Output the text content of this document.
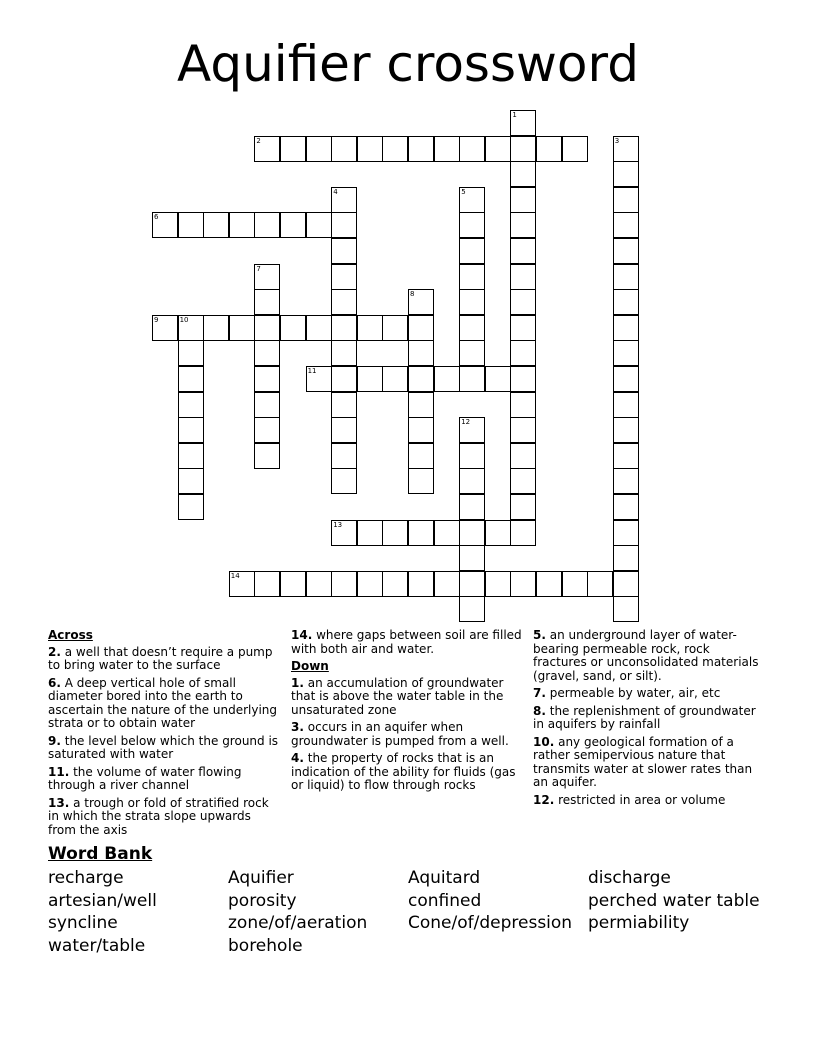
Aquifier crossword
1
2	3
4	5
6
7
8
9	10
11
12
13
14
Across
2. a well that doesn’t require a pump to bring water to the surface
6. A deep vertical hole of small diameter bored into the earth to ascertain the nature of the underlying strata or to obtain water
9. the level below which the ground is saturated with water
11. the volume of water flowing through a river channel
13. a trough or fold of stratified rock in which the strata slope upwards from the axis
14. where gaps between soil are filled with both air and water.
Down
1. an accumulation of groundwater that is above the water table in the unsaturated zone
3. occurs in an aquifer when groundwater is pumped from a well.
4. the property of rocks that is an indication of the ability for fluids (gas or liquid) to flow through rocks
5. an underground layer of water-bearing permeable rock, rock fractures or unconsolidated materials (gravel, sand, or silt).
7. permeable by water, air, etc
8. the replenishment of groundwater in aquifers by rainfall
10. any geological formation of a rather semipervious nature that transmits water at slower rates than an aquifer.
12. restricted in area or volume
Word Bank
recharge	Aquifier	Aquitard	discharge
artesian/well	porosity	confined	perched water table
syncline	zone/of/aeration	Cone/of/depression permiability
water/table	borehole
